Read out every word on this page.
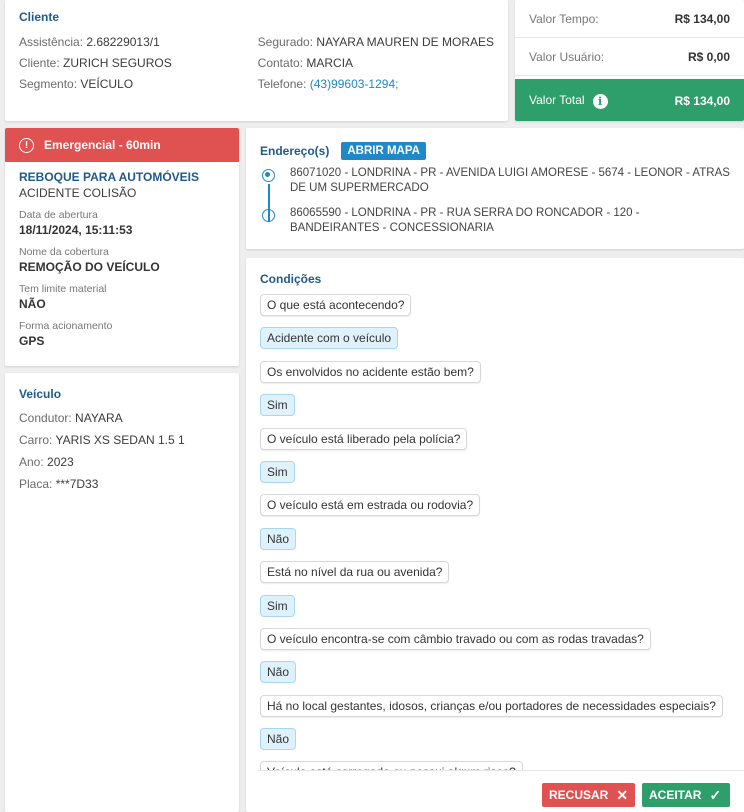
Cliente
Assistência: 2.68229013/1
Cliente: ZURICH SEGUROS
Segmento: VEÍCULO
Segurado: NAYARA MAUREN DE MORAES
Contato: MARCIA
Telefone: (43)99603-1294;
Valor Tempo:	R$ 134,00
Valor Usuário:	R$ 0,00
Valor Total i	R$ 134,00
!	Emergencial - 60min
REBOQUE PARA AUTOMÓVEIS
ACIDENTE COLISÃO
Data de abertura
18/11/2024, 15:11:53
Nome da cobertura
REMOÇÃO DO VEÍCULO
Tem limite material
NÃO
Forma acionamento
GPS
Veículo
Condutor: NAYARA
Carro: YARIS XS SEDAN 1.5 1
Ano: 2023
Placa: ***7D33
Endereço(s)	ABRIR MAPA
86071020 - LONDRINA - PR - AVENIDA LUIGI AMORESE - 5674 - LEONOR - ATRAS DE UM SUPERMERCADO
86065590 - LONDRINA - PR - RUA SERRA DO RONCADOR - 120 - BANDEIRANTES - CONCESSIONARIA
Condições
O que está acontecendo?
Acidente com o veículo
Os envolvidos no acidente estão bem?
Sim
O veículo está liberado pela polícia?
Sim
O veículo está em estrada ou rodovia?
Não
Está no nível da rua ou avenida?
Sim
O veículo encontra-se com câmbio travado ou com as rodas travadas?
Não
Há no local gestantes, idosos, crianças e/ou portadores de necessidades especiais?
Não
RECUSAR ✕ ACEITAR ✓
